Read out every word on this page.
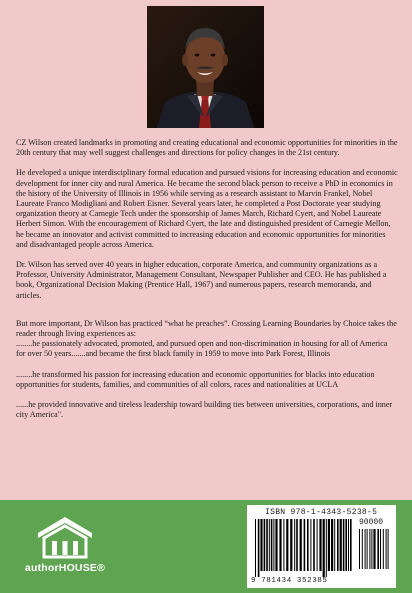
CZ Wilson created landmarks in promoting and creating educational and economic opportunities for minorities in the 20th century that may well suggest challenges and directions for policy changes in the 21st century.

He developed a unique interdisciplinary formal education and pursued visions for increasing education and economic development for inner city and rural America. He became the second black person to receive a PhD in economics in the history of the University of Illinois in 1956 while serving as a research assistant to Marvin Frankel, Nobel Laureate Franco Modigliani and Robert Eisner. Several years later, he completed a Post Doctorate year studying organization theory at Carnegie Tech under the sponsorship of James March, Richard Cyert, and Nobel Laureate Herbert Simon. With the encouragement of Richard Cyert, the late and distinguished president of Carnegie Mellon, he became an innovator and activist committed to increasing education and economic opportunities for minorities and disadvantaged people across America.

Dr. Wilson has served over 40 years in higher education, corporate America, and community organizations as a Professor, University Administrator, Management Consultant, Newspaper Publisher and CEO. He has published a book, Organizational Decision Making (Prentice Hall, 1967) and numerous papers, research memoranda, and articles.

But more important, Dr Wilson has practiced “what he preaches”. Crossing Learning Boundaries by Choice takes the reader through living experiences as:
........he passionately advocated, promoted, and pursued open and non-discrimination in housing for all of America for over 50 years.......and became the first black family in 1959 to move into Park Forest, Illinois

........he transformed his passion for increasing education and economic opportunities for blacks into education opportunities for students, families, and communities of all colors, races and nationalities at UCLA

......he provided innovative and tireless leadership toward building ties between universities, corporations, and inner city America".

authorHOUSE®
ISBN 978-1-4343-5238-5
90000
9 781434 352385
